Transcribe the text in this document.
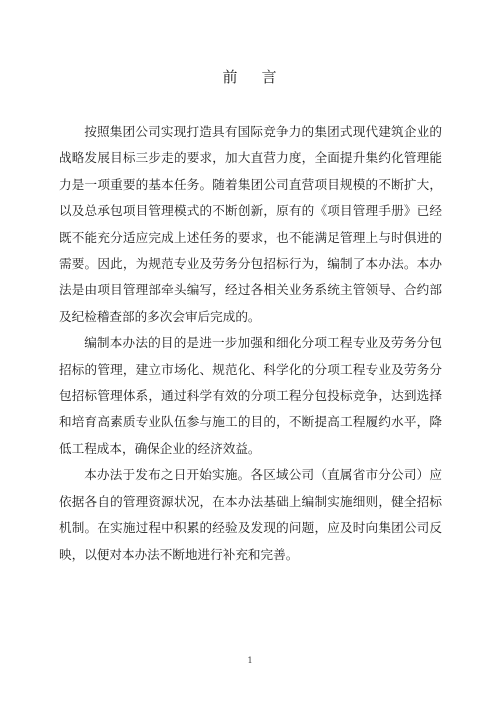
前    言

按照集团公司实现打造具有国际竞争力的集团式现代建筑企业的战略发展目标三步走的要求，加大直营力度，全面提升集约化管理能力是一项重要的基本任务。随着集团公司直营项目规模的不断扩大，以及总承包项目管理模式的不断创新，原有的《项目管理手册》已经既不能充分适应完成上述任务的要求，也不能满足管理上与时俱进的需要。因此，为规范专业及劳务分包招标行为，编制了本办法。本办法是由项目管理部牵头编写，经过各相关业务系统主管领导、合约部及纪检稽查部的多次会审后完成的。

编制本办法的目的是进一步加强和细化分项工程专业及劳务分包招标的管理，建立市场化、规范化、科学化的分项工程专业及劳务分包招标管理体系，通过科学有效的分项工程分包投标竞争，达到选择和培育高素质专业队伍参与施工的目的，不断提高工程履约水平，降低工程成本，确保企业的经济效益。

本办法于发布之日开始实施。各区域公司（直属省市分公司）应依据各自的管理资源状况，在本办法基础上编制实施细则，健全招标机制。在实施过程中积累的经验及发现的问题，应及时向集团公司反映，以便对本办法不断地进行补充和完善。

1
